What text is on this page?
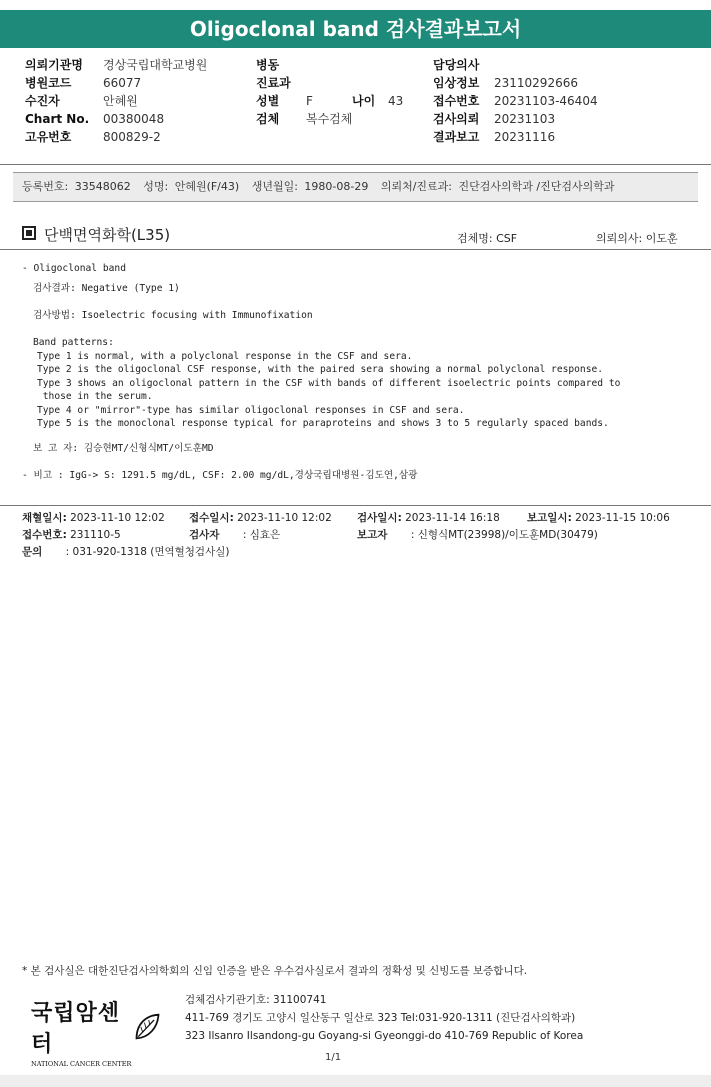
Oligoclonal band 검사결과보고서
의뢰기관명 경상국립대학교병원
병원코드	66077
수진자	안혜원
Chart No. 00380048
고유번호	800829-2
병동
진료과
성별 F	나이 43
검체 복수검체
담당의사
임상정보 23110292666
접수번호 20231103-46404
검사의뢰 20231103
결과보고 20231116
등록번호: 33548062 성명: 안혜원(F/43) 생년월일: 1980-08-29 의뢰처/진료과: 진단검사의학과 /진단검사의학과
단백면역화학(L35)	검체명: CSF	의뢰의사: 이도훈
- Oligoclonal band
검사결과: Negative (Type 1)
검사방법: Isoelectric focusing with Immunofixation
Band patterns:
Type 1 is normal, with a polyclonal response in the CSF and sera.
Type 2 is the oligoclonal CSF response, with the paired sera showing a normal polyclonal response.
Type 3 shows an oligoclonal pattern in the CSF with bands of different isoelectric points compared to
those in the serum.
Type 4 or "mirror"-type has similar oligoclonal responses in CSF and sera.
Type 5 is the monoclonal response typical for paraproteins and shows 3 to 5 regularly spaced bands.
보 고 자: 김승현MT/신형식MT/이도훈MD
- 비고 : IgG-> S: 1291.5 mg/dL, CSF: 2.00 mg/dL,경상국립대병원-김도연,삼광
채혈일시: 2023-11-10 12:02 접수일시: 2023-11-10 12:02 검사일시: 2023-11-14 16:18	보고일시: 2023-11-15 10:06
접수번호: 231110-5	검사자 : 심효은	보고자 : 신형식MT(23998)/이도훈MD(30479)
문의 : 031-920-1318 (면역혈청검사실)
* 본 검사실은 대한진단검사의학회의 신임 인증을 받은 우수검사실로서 결과의 정확성 및 신빙도를 보증합니다.
국립암센터
NATIONAL CANCER CENTER
검체검사기관기호: 31100741
411-769 경기도 고양시 일산동구 일산로 323 Tel:031-920-1311 (진단검사의학과)
323 Ilsanro Ilsandong-gu Goyang-si Gyeonggi-do 410-769 Republic of Korea
1/1
